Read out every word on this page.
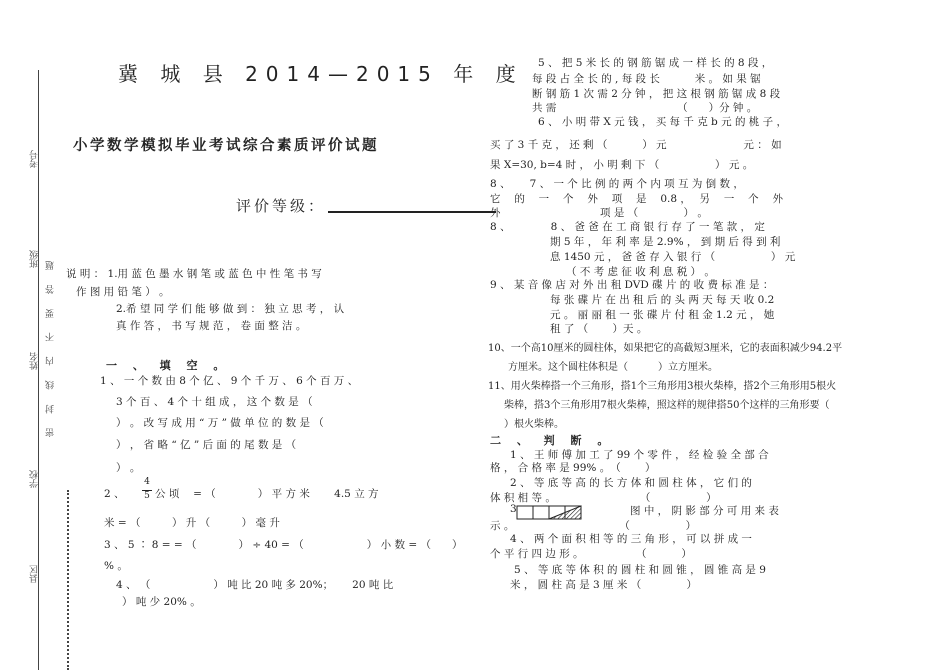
考号
班级 密 封 线 内 不 要 答 题
姓名
学校
县区
冀 城 县 2014—2015 年 度
小学数学模拟毕业考试综合素质评价试题
评价等级：
说 明 ： 1.用 蓝 色 墨 水 钢 笔 或 蓝 色 中 性 笔 书 写
作 图 用 铅 笔 ） 。
2.希 望 同 学 们 能 够 做 到 ： 独 立 思 考 ， 认
真 作 答 ， 书 写 规 范 ， 卷 面 整 洁 。
一 、 填 空 。
1 、 一 个 数 由 8 个 亿 、 9 个 千 万 、 6 个 百 万 、
3 个 百 、 4 个 十 组 成 ， 这 个 数 是 （
） 。 改 写 成 用 “ 万 ” 做 单 位 的 数 是 （
） ， 省 略 “ 亿 ” 后 面 的 尾 数 是 （
） 。
2 、
4
5 公 顷　 = （　　　　） 平 方 米　　 4.5 立 方
米 = （　　　） 升 （　　　） 毫 升
3 、 5 ∶ 8 = = （　　　　） ÷ 40 = （　　　　　　） 小 数 = （　　）
% 。
4 、 （　　　　　　） 吨 比 20 吨 多 20%；　　 20 吨 比
） 吨 少 20% 。
5 、 把 5 米 长 的 钢 筋 锯 成 一 样 长 的 8 段 ，
每 段 占 全 长 的 , 每 段 长　　　 米 。 如 果 锯
断 钢 筋 1 次 需 2 分 钟 ， 把 这 根 钢 筋 锯 成 8 段
共 需　　　　　　　　　　　　（　　）分 钟 。
6 、 小 明 带 X 元 钱 ， 买 每 千 克 b 元 的 桃 子 ，
买 了 3 千 克 ， 还 剩 （　　　 ） 元　　　　　　　 元 ： 如
果 X=30, b=4 时 ， 小 明 剩 下 （　　　　　 ） 元 。
8 、　　 7 、 一 个 比 例 的 两 个 内 项 互 为 倒 数 ，
它　 的　 一　 个　 外　 项　 是　 0.8 ，　 另　 一　 个　 外
外	项 是 （　　　　 ） 。
8 、　　　　 8 、 爸 爸 在 工 商 银 行 存 了 一 笔 款 ， 定
期 5 年 ， 年 利 率 是 2.9% ， 到 期 后 得 到 利
息 1450 元 ， 爸 爸 存 入 银 行 （　　　　　 ） 元
（ 不 考 虑 征 收 利 息 税 ） 。
9 、 某 音 像 店 对 外 出 租 DVD 碟 片 的 收 费 标 准 是 ：
每 张 碟 片 在 出 租 后 的 头 两 天 每 天 收 0.2
元 。 丽 丽 租 一 张 碟 片 付 租 金 1.2 元 ， 她
租 了 （　　 ）天 。
10、一个高10厘米的圆柱体，如果把它的高截短3厘米，它的表面积减少94.2平
方厘米。这个圆柱体积是（　　　）立方厘米。
11、用火柴棒搭一个三角形，搭1个三角形用3根火柴棒，搭2个三角形用5根火
柴棒，搭3个三角形用7根火柴棒，照这样的规律搭50个这样的三角形要（
）根火柴棒。
二 、 判 断 。
1 、 王 师 傅 加 工 了 99 个 零 件 ， 经 检 验 全 部 合
格 ， 合 格 率 是 99% 。　（　　 ）
2 、 等 底 等 高 的 长 方 体 和 圆 柱 体 ， 它 们 的
体 积 相 等 。　　　　　　　　　（　　　　　 ）
3	图 中 ， 阴 影 部 分 可 用 来 表
示 。　　　　　　　　　　　（　　　　　 ）
4 、 两 个 面 积 相 等 的 三 角 形 ， 可 以 拼 成 一
个 平 行 四 边 形 。　　　　　　（　　　 ）
5 、 等 底 等 体 积 的 圆 柱 和 圆 锥 ， 圆 锥 高 是 9
米 ， 圆 柱 高 是 3 厘 米 （　　　　 ）
